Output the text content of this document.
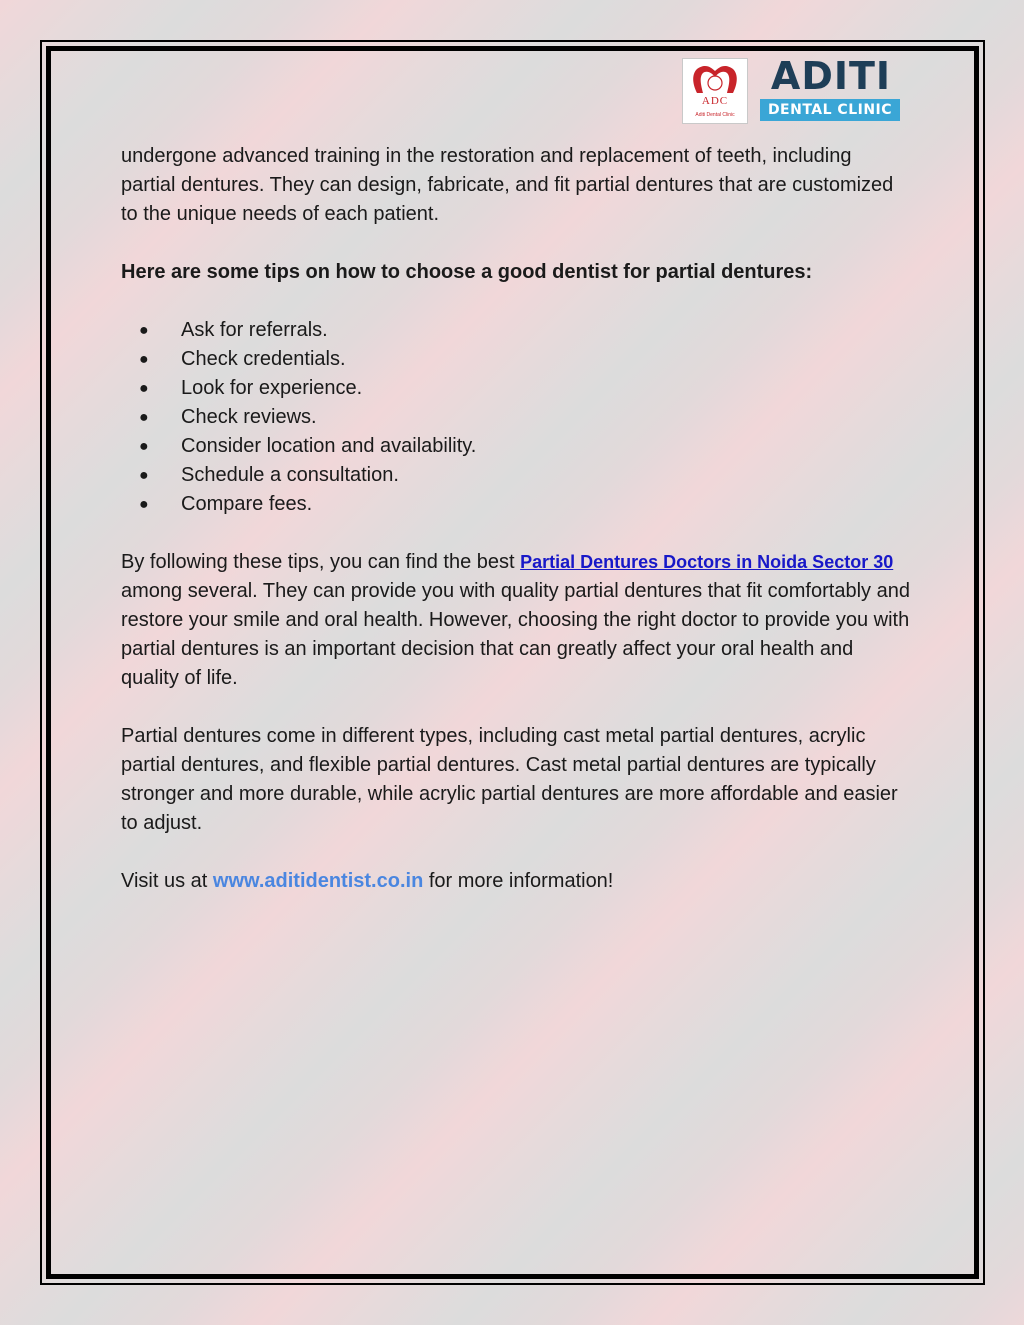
ADC
Aditi Dental Clinic
ADITI
DENTAL CLINIC

undergone advanced training in the restoration and replacement of teeth, including partial dentures. They can design, fabricate, and fit partial dentures that are customized to the unique needs of each patient.

Here are some tips on how to choose a good dentist for partial dentures:

● Ask for referrals.
● Check credentials.
● Look for experience.
● Check reviews.
● Consider location and availability.
● Schedule a consultation.
● Compare fees.

By following these tips, you can find the best Partial Dentures Doctors in Noida Sector 30 among several. They can provide you with quality partial dentures that fit comfortably and restore your smile and oral health. However, choosing the right doctor to provide you with partial dentures is an important decision that can greatly affect your oral health and quality of life.

Partial dentures come in different types, including cast metal partial dentures, acrylic partial dentures, and flexible partial dentures. Cast metal partial dentures are typically stronger and more durable, while acrylic partial dentures are more affordable and easier to adjust.

Visit us at www.aditidentist.co.in for more information!
